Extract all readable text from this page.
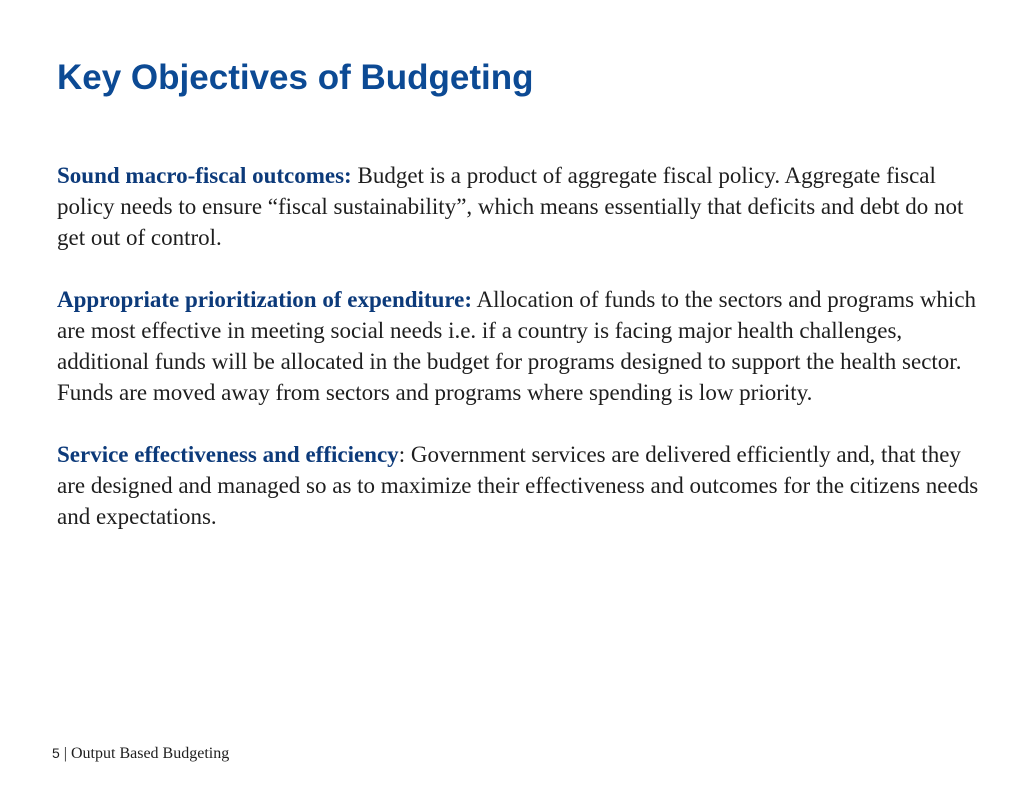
Key Objectives of Budgeting

Sound macro-fiscal outcomes: Budget is a product of aggregate fiscal policy. Aggregate fiscal policy needs to ensure “fiscal sustainability”, which means essentially that deficits and debt do not get out of control.

Appropriate prioritization of expenditure: Allocation of funds to the sectors and programs which are most effective in meeting social needs i.e. if a country is facing major health challenges, additional funds will be allocated in the budget for programs designed to support the health sector. Funds are moved away from sectors and programs where spending is low priority.

Service effectiveness and efficiency: Government services are delivered efficiently and, that they are designed and managed so as to maximize their effectiveness and outcomes for the citizens needs and expectations.

5 | Output Based Budgeting
